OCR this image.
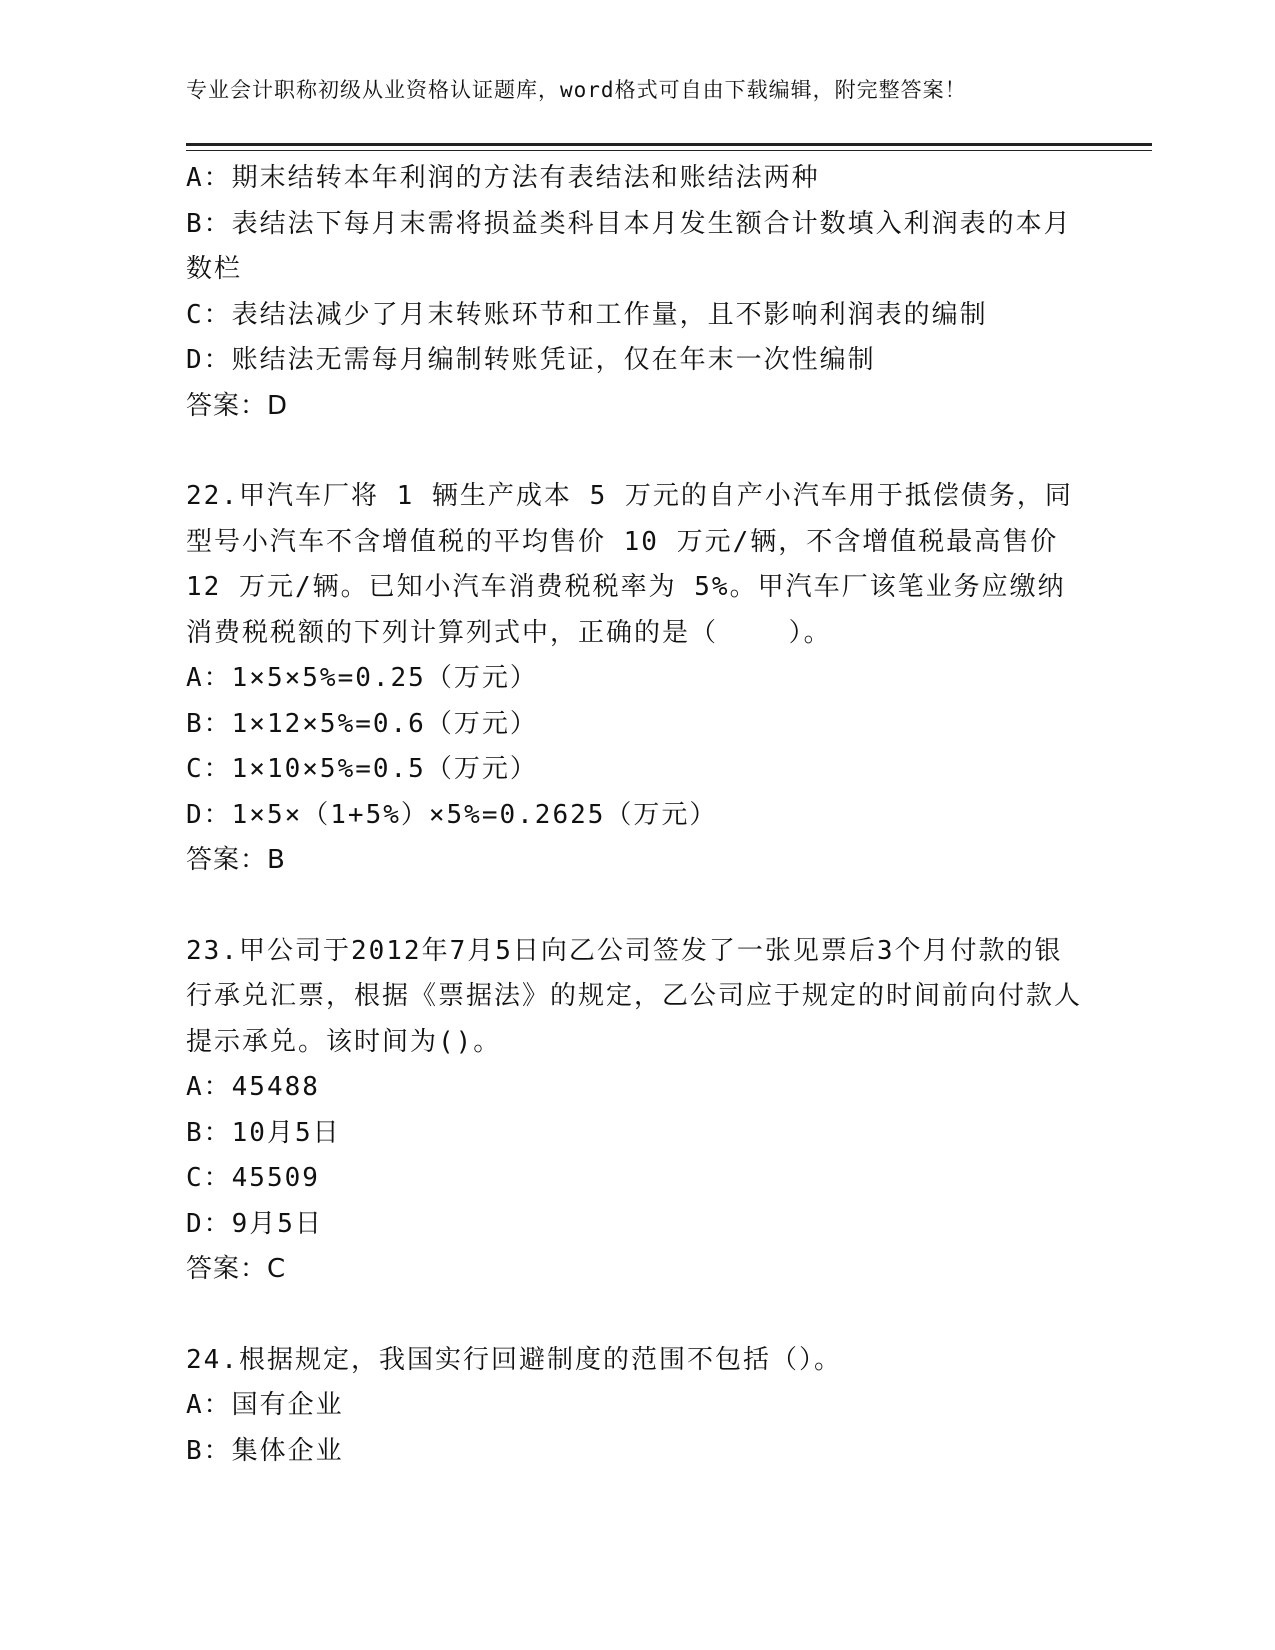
专业会计职称初级从业资格认证题库，word格式可自由下载编辑，附完整答案！
A：期末结转本年利润的方法有表结法和账结法两种
B：表结法下每月末需将损益类科目本月发生额合计数填入利润表的本月数栏
C：表结法减少了月末转账环节和工作量，且不影响利润表的编制
D：账结法无需每月编制转账凭证，仅在年末一次性编制
答案：D
22.甲汽车厂将 1 辆生产成本 5 万元的自产小汽车用于抵偿债务，同型号小汽车不含增值税的平均售价 10 万元/辆，不含增值税最高售价 12 万元/辆。已知小汽车消费税税率为 5%。甲汽车厂该笔业务应缴纳消费税税额的下列计算列式中，正确的是（    ）。
A：1×5×5%=0.25（万元）
B：1×12×5%=0.6（万元）
C：1×10×5%=0.5（万元）
D：1×5×（1+5%）×5%=0.2625（万元）
答案：B
23.甲公司于2012年7月5日向乙公司签发了一张见票后3个月付款的银行承兑汇票，根据《票据法》的规定，乙公司应于规定的时间前向付款人提示承兑。该时间为()。
A：45488
B：10月5日
C：45509
D：9月5日
答案：C
24.根据规定，我国实行回避制度的范围不包括（）。
A：国有企业
B：集体企业
